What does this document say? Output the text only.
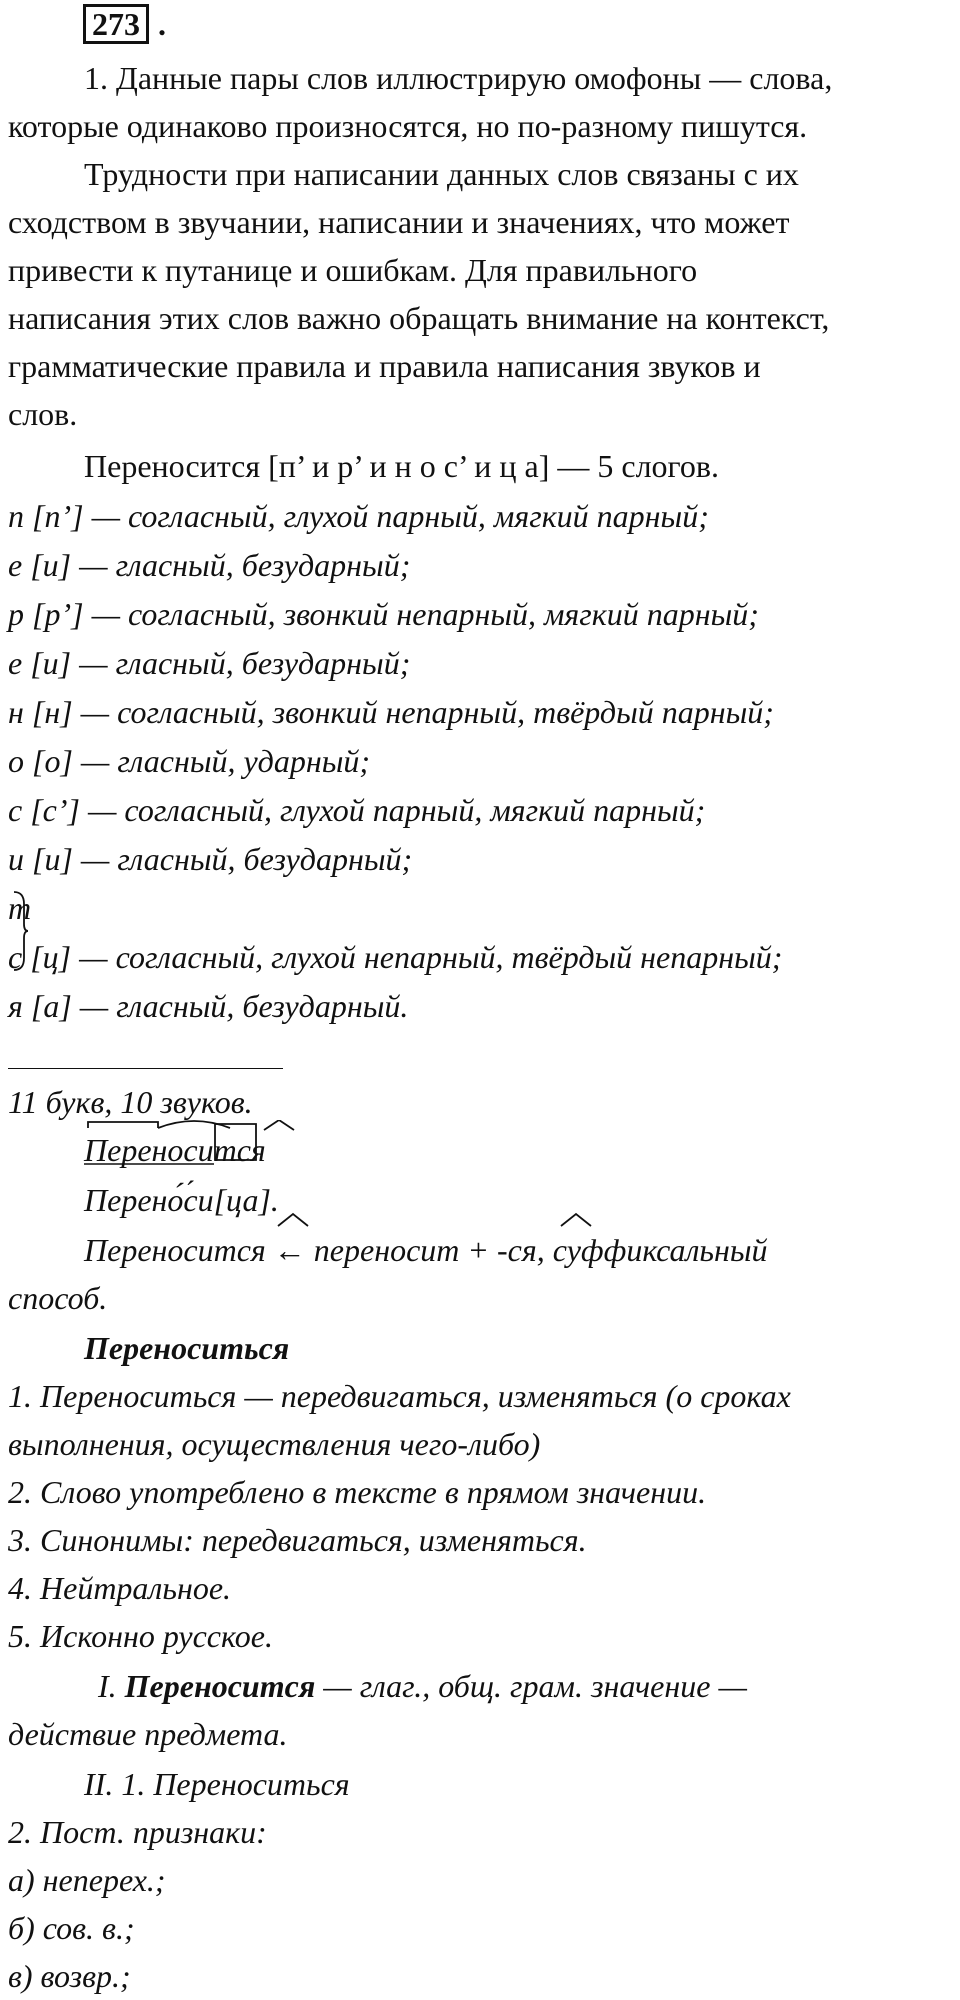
273 .
1. Данные пары слов иллюстрирую омофоны — слова,
которые одинаково произносятся, но по-разному пишутся.
Трудности при написании данных слов связаны с их
сходством в звучании, написании и значениях, что может
привести к путанице и ошибкам. Для правильного
написания этих слов важно обращать внимание на контекст,
грамматические правила и правила написания звуков и
слов.
Переносится [п’ и р’ и н о с’ и ц а] — 5 слогов.
п [п’] — согласный, глухой парный, мягкий парный;
е [и] — гласный, безударный;
р [р’] — согласный, звонкий непарный, мягкий парный;
е [и] — гласный, безударный;
н [н] — согласный, звонкий непарный, твёрдый парный;
о [о] — гласный, ударный;
с [с’] — согласный, глухой парный, мягкий парный;
и [и] — гласный, безударный;
т
с [ц] — согласный, глухой непарный, твёрдый непарный;
я [а] — гласный, безударный.
11 букв, 10 звуков.
Переносится
Перено́с ´и[ца].
Переносится ← переносит + -ся, суффиксальный
способ.
Переноситься
1. Переноситься — передвигаться, изменяться (о сроках
выполнения, осуществления чего-либо)
2. Слово употреблено в тексте в прямом значении.
3. Синонимы: передвигаться, изменяться.
4. Нейтральное.
5. Исконно русское.
I. Переносится — глаг., общ. грам. значение —
действие предмета.
II. 1. Переноситься
2. Пост. признаки:
а) неперех.;
б) сов. в.;
в) возвр.;
